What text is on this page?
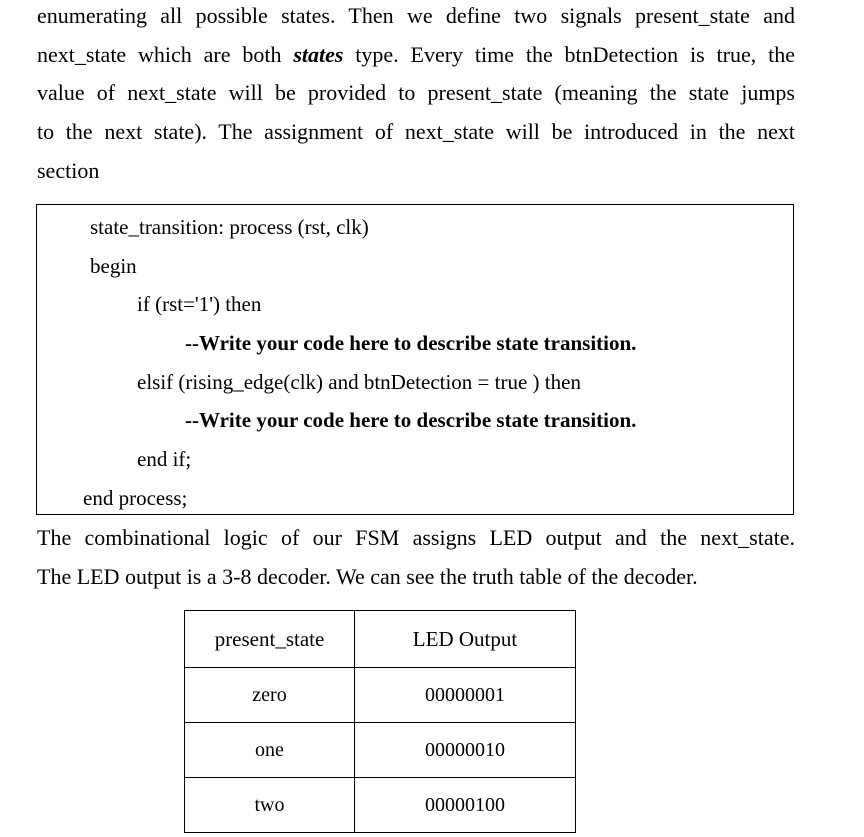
enumerating all possible states. Then we define two signals present_state and
next_state which are both states type. Every time the btnDetection is true, the
value of next_state will be provided to present_state (meaning the state jumps
to the next state). The assignment of next_state will be introduced in the next
section
state_transition: process (rst, clk)
begin
if (rst='1') then
--Write your code here to describe state transition.
elsif (rising_edge(clk) and btnDetection = true ) then
--Write your code here to describe state transition.
end if;
end process;
The combinational logic of our FSM assigns LED output and the next_state.
The LED output is a 3-8 decoder. We can see the truth table of the decoder.
present_state	LED Output
zero	00000001
one	00000010
two	00000100
